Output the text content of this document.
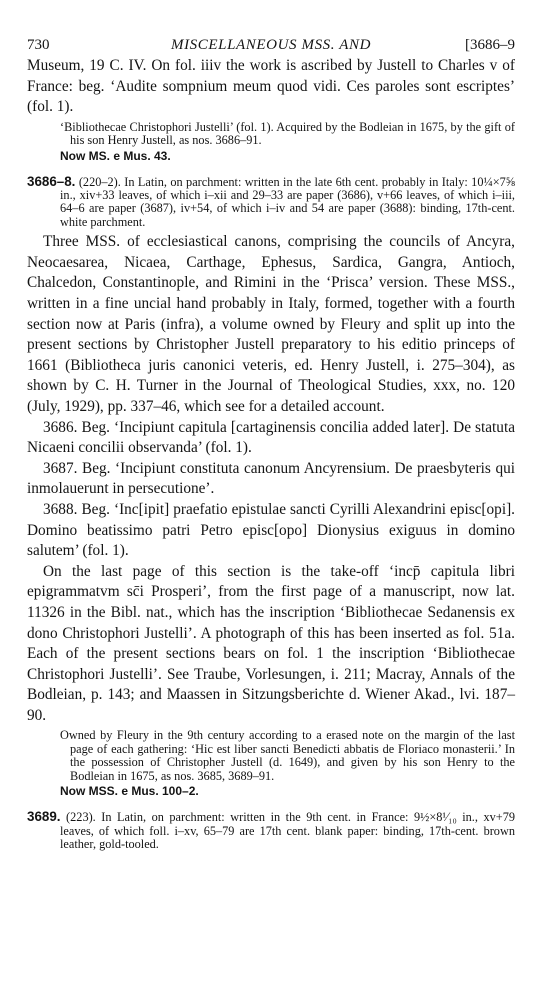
730	MISCELLANEOUS MSS. AND	[3686–9

Museum, 19 C. IV. On fol. iiiv the work is ascribed by Justell to Charles v of France: beg. ‘Audite sompnium meum quod vidi. Ces paroles sont escriptes’ (fol. 1).

‘Bibliothecae Christophori Justelli’ (fol. 1). Acquired by the Bodleian in 1675, by the gift of his son Henry Justell, as nos. 3686–91.

Now MS. e Mus. 43.

3686–8. (220–2). In Latin, on parchment: written in the late 6th cent. probably in Italy: 10¼×7⅝ in., xiv+33 leaves, of which i–xii and 29–33 are paper (3686), v+66 leaves, of which i–iii, 64–6 are paper (3687), iv+54, of which i–iv and 54 are paper (3688): binding, 17th-cent. white parchment.

Three MSS. of ecclesiastical canons, comprising the councils of Ancyra, Neocaesarea, Nicaea, Carthage, Ephesus, Sardica, Gangra, Antioch, Chalcedon, Constantinople, and Rimini in the ‘Prisca’ version. These MSS., written in a fine uncial hand probably in Italy, formed, together with a fourth section now at Paris (infra), a volume owned by Fleury and split up into the present sections by Christopher Justell preparatory to his editio princeps of 1661 (Bibliotheca juris canonici veteris, ed. Henry Justell, i. 275–304), as shown by C. H. Turner in the Journal of Theological Studies, xxx, no. 120 (July, 1929), pp. 337–46, which see for a detailed account.

3686. Beg. ‘Incipiunt capitula [cartaginensis concilia added later]. De statuta Nicaeni concilii observanda’ (fol. 1).

3687. Beg. ‘Incipiunt constituta canonum Ancyrensium. De praesbyteris qui inmolauerunt in persecutione’.

3688. Beg. ‘Inc[ipit] praefatio epistulae sancti Cyrilli Alexandrini episc[opi]. Domino beatissimo patri Petro episc[opo] Dionysius exiguus in domino salutem’ (fol. 1).

On the last page of this section is the take-off ‘incp̄ capitula libri epigrammatvm sc̄i Prosperi’, from the first page of a manuscript, now lat. 11326 in the Bibl. nat., which has the inscription ‘Bibliothecae Sedanensis ex dono Christophori Justelli’. A photograph of this has been inserted as fol. 51a. Each of the present sections bears on fol. 1 the inscription ‘Bibliothecae Christophori Justelli’. See Traube, Vorlesungen, i. 211; Macray, Annals of the Bodleian, p. 143; and Maassen in Sitzungsberichte d. Wiener Akad., lvi. 187–90.

Owned by Fleury in the 9th century according to a erased note on the margin of the last page of each gathering: ‘Hic est liber sancti Benedicti abbatis de Floriaco monasterii.’ In the possession of Christopher Justell (d. 1649), and given by his son Henry to the Bodleian in 1675, as nos. 3685, 3689–91.

Now MSS. e Mus. 100–2.

3689. (223). In Latin, on parchment: written in the 9th cent. in France: 9½×8¹⁄₁₀ in., xv+79 leaves, of which foll. i–xv, 65–79 are 17th cent. blank paper: binding, 17th-cent. brown leather, gold-tooled.
